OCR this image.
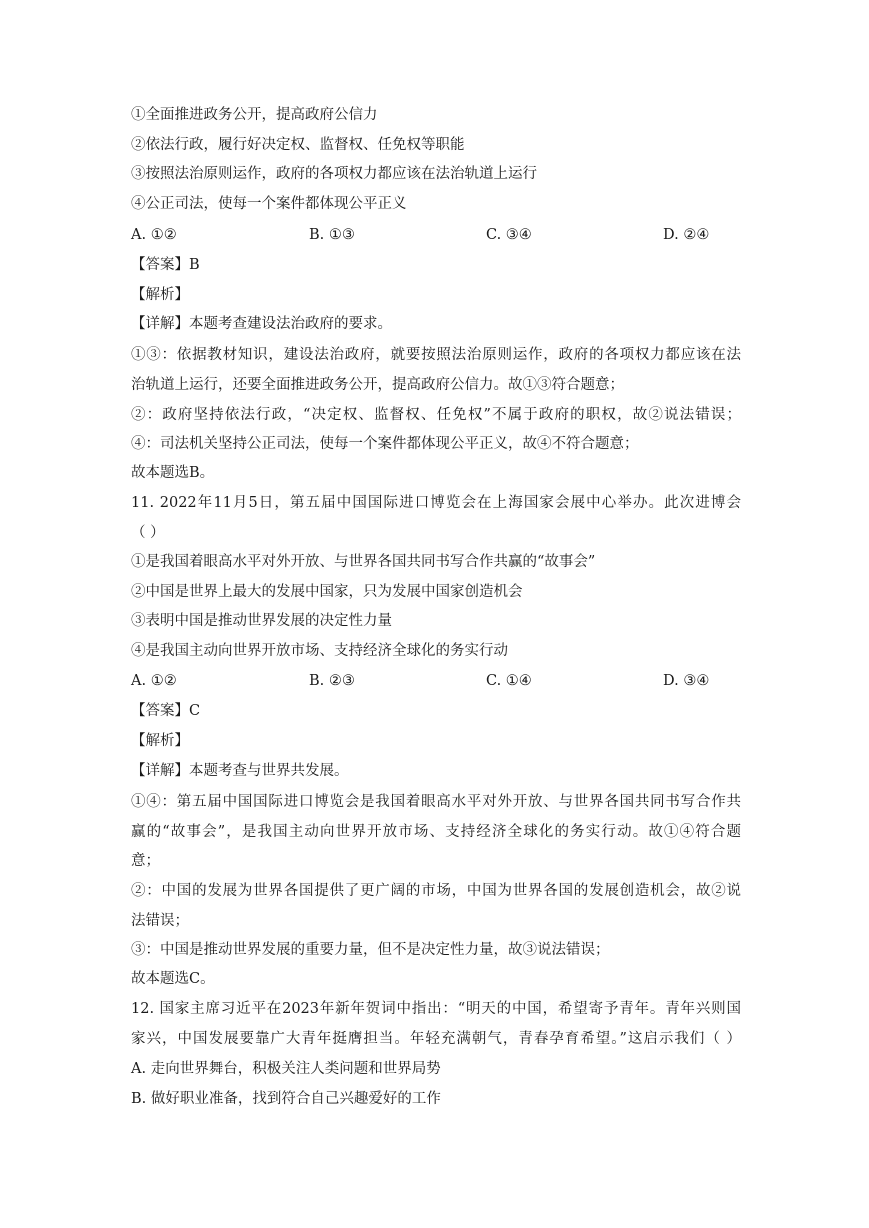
①全面推进政务公开，提高政府公信力
②依法行政，履行好决定权、监督权、任免权等职能
③按照法治原则运作，政府的各项权力都应该在法治轨道上运行
④公正司法，使每一个案件都体现公平正义
A. ①②	B. ①③	C. ③④	D. ②④
【答案】B
【解析】
【详解】本题考查建设法治政府的要求。
①③：依据教材知识，建设法治政府，就要按照法治原则运作，政府的各项权力都应该在法
治轨道上运行，还要全面推进政务公开，提高政府公信力。故①③符合题意；
②：政府坚持依法行政，“决定权、监督权、任免权”不属于政府的职权，故②说法错误；
④：司法机关坚持公正司法，使每一个案件都体现公平正义，故④不符合题意；
故本题选B。
11. 2022年11月5日，第五届中国国际进口博览会在上海国家会展中心举办。此次进博会
（ ）
①是我国着眼高水平对外开放、与世界各国共同书写合作共赢的“故事会”
②中国是世界上最大的发展中国家，只为发展中国家创造机会
③表明中国是推动世界发展的决定性力量
④是我国主动向世界开放市场、支持经济全球化的务实行动
A. ①②	B. ②③	C. ①④	D. ③④
【答案】C
【解析】
【详解】本题考查与世界共发展。
①④：第五届中国国际进口博览会是我国着眼高水平对外开放、与世界各国共同书写合作共
赢的“故事会”，是我国主动向世界开放市场、支持经济全球化的务实行动。故①④符合题
意；
②：中国的发展为世界各国提供了更广阔的市场，中国为世界各国的发展创造机会，故②说
法错误；
③：中国是推动世界发展的重要力量，但不是决定性力量，故③说法错误；
故本题选C。
12. 国家主席习近平在2023年新年贺词中指出：“明天的中国，希望寄予青年。青年兴则国
家兴，中国发展要靠广大青年挺膺担当。年轻充满朝气，青春孕育希望。”这启示我们（ ）
A. 走向世界舞台，积极关注人类问题和世界局势
B. 做好职业准备，找到符合自己兴趣爱好的工作
